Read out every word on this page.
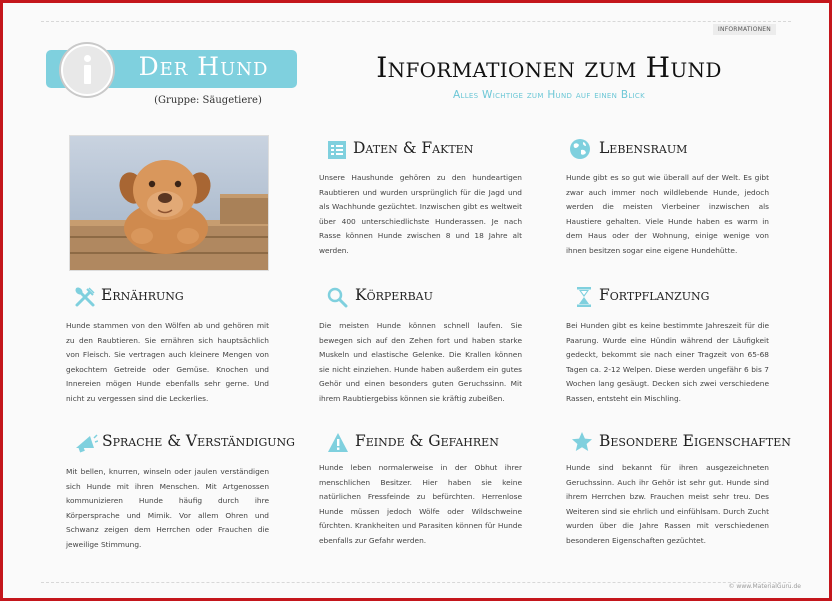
INFORMATIONEN
Der Hund
(Gruppe: Säugetiere)
Informationen zum Hund
Alles Wichtige zum Hund auf einen Blick
Daten & Fakten
Unsere Haushunde gehören zu den hundeartigen Raubtieren und wurden ursprünglich für die Jagd und als Wachhunde gezüchtet. Inzwischen gibt es weltweit über 400 unterschiedlichste Hunderassen. Je nach Rasse können Hunde zwischen 8 und 18 Jahre alt werden.
Lebensraum
Hunde gibt es so gut wie überall auf der Welt. Es gibt zwar auch immer noch wildlebende Hunde, jedoch werden die meisten Vierbeiner inzwischen als Haustiere gehalten. Viele Hunde haben es warm in dem Haus oder der Wohnung, einige wenige von ihnen besitzen sogar eine eigene Hundehütte.
Ernährung
Hunde stammen von den Wölfen ab und gehören mit zu den Raubtieren. Sie ernähren sich hauptsächlich von Fleisch. Sie vertragen auch kleinere Mengen von gekochtem Getreide oder Gemüse. Knochen und Innereien mögen Hunde ebenfalls sehr gerne. Und nicht zu vergessen sind die Leckerlies.
Körperbau
Die meisten Hunde können schnell laufen. Sie bewegen sich auf den Zehen fort und haben starke Muskeln und elastische Gelenke. Die Krallen können sie nicht einziehen. Hunde haben außerdem ein gutes Gehör und einen besonders guten Geruchssinn. Mit ihrem Raubtiergebiss können sie kräftig zubeißen.
Fortpflanzung
Bei Hunden gibt es keine bestimmte Jahreszeit für die Paarung. Wurde eine Hündin während der Läufigkeit gedeckt, bekommt sie nach einer Tragzeit von 65-68 Tagen ca. 2-12 Welpen. Diese werden ungefähr 6 bis 7 Wochen lang gesäugt. Decken sich zwei verschiedene Rassen, entsteht ein Mischling.
Sprache & Verständigung
Mit bellen, knurren, winseln oder jaulen verständigen sich Hunde mit ihren Menschen. Mit Artgenossen kommunizieren Hunde häufig durch ihre Körpersprache und Mimik. Vor allem Ohren und Schwanz zeigen dem Herrchen oder Frauchen die jeweilige Stimmung.
Feinde & Gefahren
Hunde leben normalerweise in der Obhut ihrer menschlichen Besitzer. Hier haben sie keine natürlichen Fressfeinde zu befürchten. Herrenlose Hunde müssen jedoch Wölfe oder Wildschweine fürchten. Krankheiten und Parasiten können für Hunde ebenfalls zur Gefahr werden.
Besondere Eigenschaften
Hunde sind bekannt für ihren ausgezeichneten Geruchssinn. Auch ihr Gehör ist sehr gut. Hunde sind ihrem Herrchen bzw. Frauchen meist sehr treu. Des Weiteren sind sie ehrlich und einfühlsam. Durch Zucht wurden über die Jahre Rassen mit verschiedenen besonderen Eigenschaften gezüchtet.
© www.MaterialGuru.de
